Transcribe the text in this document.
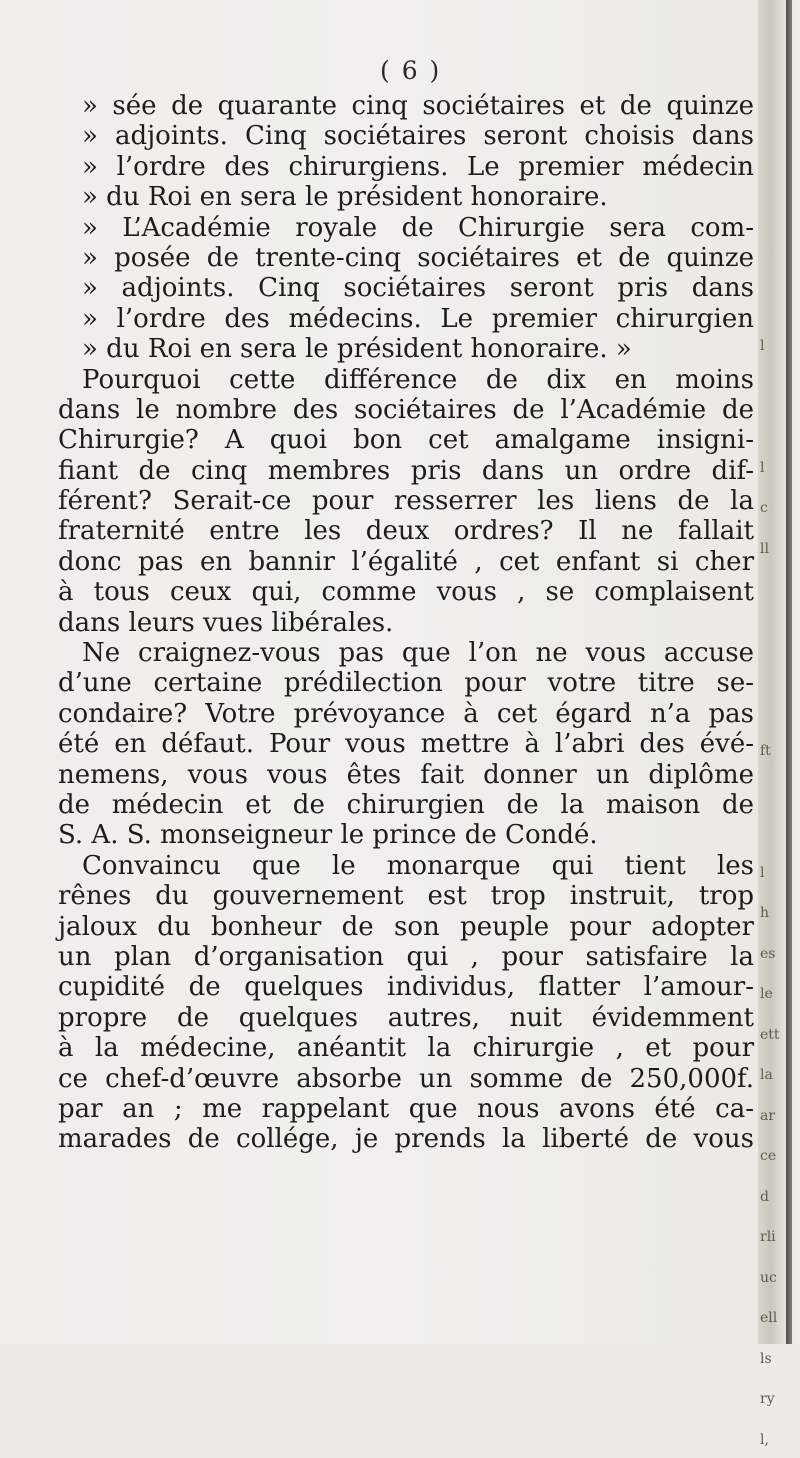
l
l
c
ll
ft
l
h
es
le
ett
la
ar
ce
d
rli
uc
ell
ls
ry
l,
( 6 )
» sée de quarante cinq sociétaires et de quinze
» adjoints. Cinq sociétaires seront choisis dans
» l’ordre des chirurgiens. Le premier médecin
» du Roi en sera le président honoraire.
» L’Académie royale de Chirurgie sera com-
» posée de trente-cinq sociétaires et de quinze
» adjoints. Cinq sociétaires seront pris dans
» l’ordre des médecins. Le premier chirurgien
» du Roi en sera le président honoraire. »
Pourquoi cette différence de dix en moins
dans le nombre des sociétaires de l’Académie de
Chirurgie? A quoi bon cet amalgame insigni-
fiant de cinq membres pris dans un ordre dif-
férent? Serait-ce pour resserrer les liens de la
fraternité entre les deux ordres? Il ne fallait
donc pas en bannir l’égalité , cet enfant si cher
à tous ceux qui, comme vous , se complaisent
dans leurs vues libérales.
Ne craignez-vous pas que l’on ne vous accuse
d’une certaine prédilection pour votre titre se-
condaire? Votre prévoyance à cet égard n’a pas
été en défaut. Pour vous mettre à l’abri des évé-
nemens, vous vous êtes fait donner un diplôme
de médecin et de chirurgien de la maison de
S. A. S. monseigneur le prince de Condé.
Convaincu que le monarque qui tient les
rênes du gouvernement est trop instruit, trop
jaloux du bonheur de son peuple pour adopter
un plan d’organisation qui , pour satisfaire la
cupidité de quelques individus, flatter l’amour-
propre de quelques autres, nuit évidemment
à la médecine, anéantit la chirurgie , et pour
ce chef-d’œuvre absorbe un somme de 250,000f.
par an ; me rappelant que nous avons été ca-
marades de collége, je prends la liberté de vous
